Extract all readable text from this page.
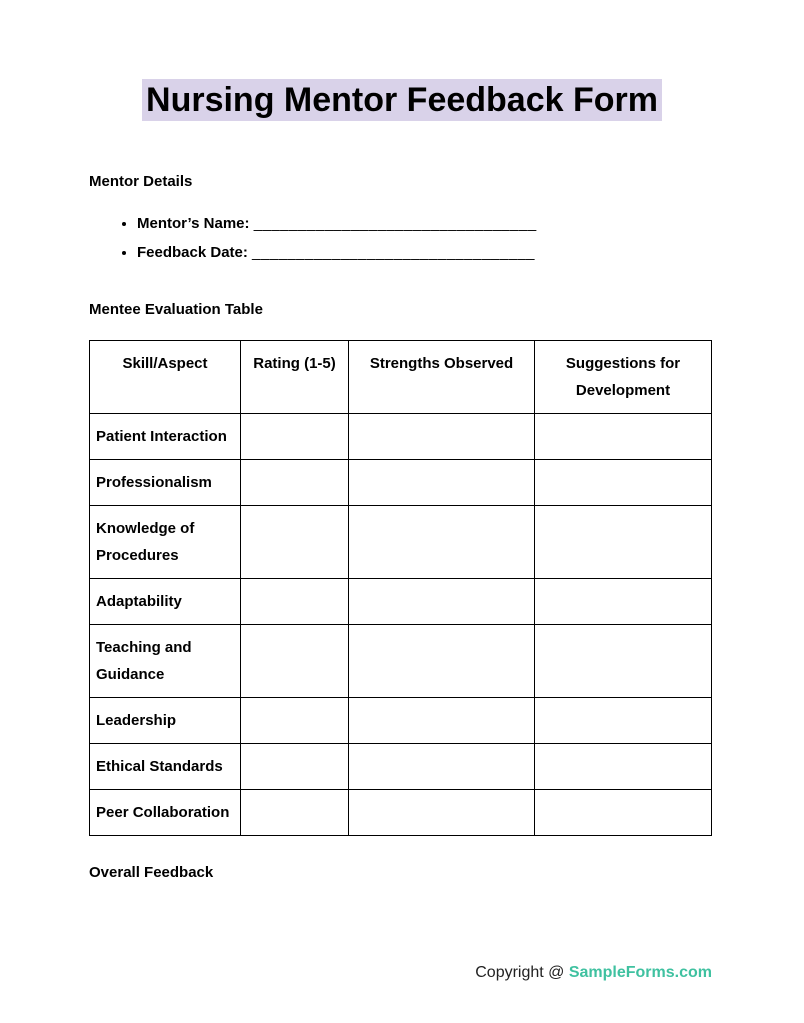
Nursing Mentor Feedback Form
Mentor Details
• Mentor’s Name: ________________________________
• Feedback Date: ________________________________
Mentee Evaluation Table
Skill/Aspect	Rating (1-5)	Strengths Observed	Suggestions for Development
Patient Interaction			
Professionalism			
Knowledge of Procedures			
Adaptability			
Teaching and Guidance			
Leadership			
Ethical Standards			
Peer Collaboration			
Overall Feedback
Copyright @ SampleForms.com
